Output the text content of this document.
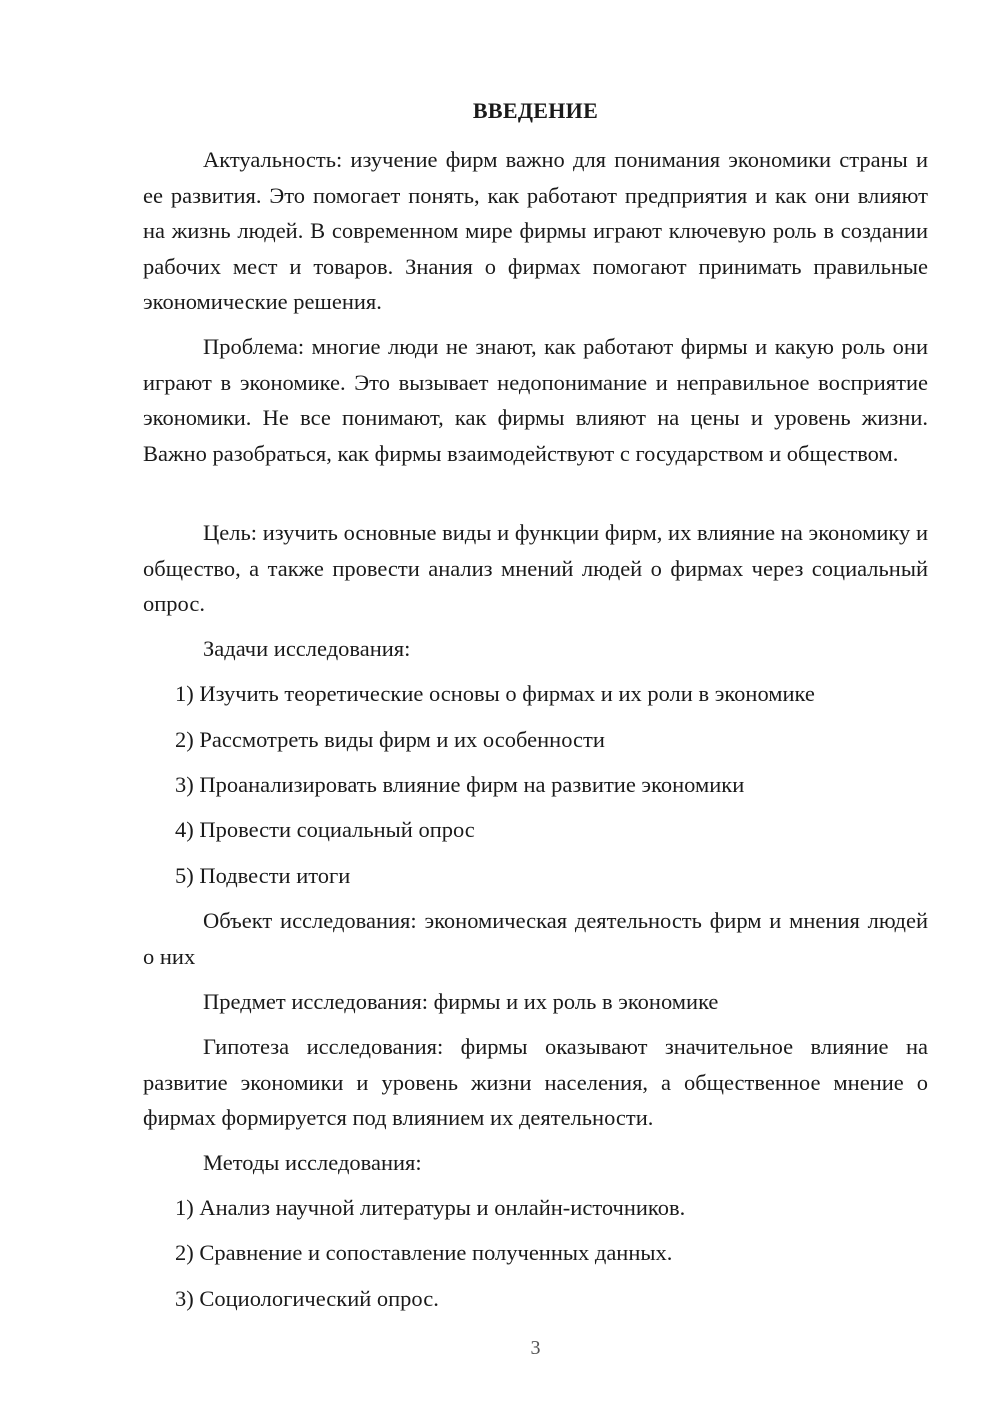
ВВЕДЕНИЕ

Актуальность: изучение фирм важно для понимания экономики страны и ее развития. Это помогает понять, как работают предприятия и как они влияют на жизнь людей. В современном мире фирмы играют ключевую роль в создании рабочих мест и товаров. Знания о фирмах помогают принимать правильные экономические решения.

Проблема: многие люди не знают, как работают фирмы и какую роль они играют в экономике. Это вызывает недопонимание и неправильное восприятие экономики. Не все понимают, как фирмы влияют на цены и уровень жизни. Важно разобраться, как фирмы взаимодействуют с государством и обществом.

Цель: изучить основные виды и функции фирм, их влияние на экономику и общество, а также провести анализ мнений людей о фирмах через социальный опрос.

Задачи исследования:

1) Изучить теоретические основы о фирмах и их роли в экономике

2) Рассмотреть виды фирм и их особенности

3) Проанализировать влияние фирм на развитие экономики

4) Провести социальный опрос

5) Подвести итоги

Объект исследования: экономическая деятельность фирм и мнения людей о них

Предмет исследования: фирмы и их роль в экономике

Гипотеза исследования: фирмы оказывают значительное влияние на развитие экономики и уровень жизни населения, а общественное мнение о фирмах формируется под влиянием их деятельности.

Методы исследования:

1) Анализ научной литературы и онлайн-источников.

2) Сравнение и сопоставление полученных данных.

3) Социологический опрос.

3
